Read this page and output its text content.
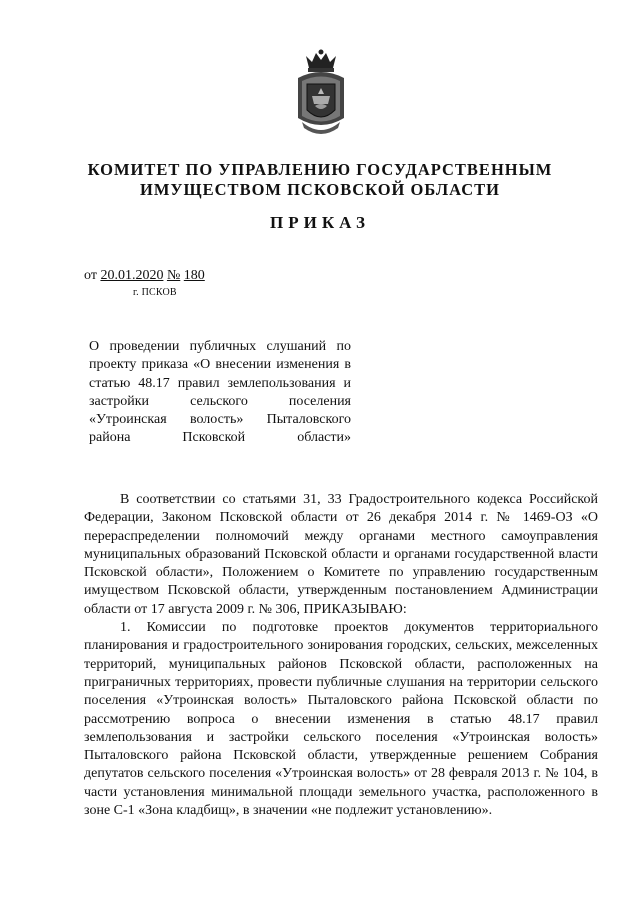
КОМИТЕТ ПО УПРАВЛЕНИЮ ГОСУДАРСТВЕННЫМ
ИМУЩЕСТВОМ ПСКОВСКОЙ ОБЛАСТИ
ПРИКАЗ
от 20.01.2020 № 180
г. ПСКОВ
О проведении публичных слушаний по проекту приказа «О внесении изменения в статью 48.17 правил землепользования и застройки сельского поселения «Утроинская волость» Пыталовского района Псковской области»

В соответствии со статьями 31, 33 Градостроительного кодекса Российской Федерации, Законом Псковской области от 26 декабря 2014 г. № 1469-ОЗ «О перераспределении полномочий между органами местного самоуправления муниципальных образований Псковской области и органами государственной власти Псковской области», Положением о Комитете по управлению государственным имуществом Псковской области, утвержденным постановлением Администрации области от 17 августа 2009 г. № 306, ПРИКАЗЫВАЮ:

1. Комиссии по подготовке проектов документов территориального планирования и градостроительного зонирования городских, сельских, межселенных территорий, муниципальных районов Псковской области, расположенных на приграничных территориях, провести публичные слушания на территории сельского поселения «Утроинская волость» Пыталовского района Псковской области по рассмотрению вопроса о внесении изменения в статью 48.17 правил землепользования и застройки сельского поселения «Утроинская волость» Пыталовского района Псковской области, утвержденные решением Собрания депутатов сельского поселения «Утроинская волость» от 28 февраля 2013 г. № 104, в части установления минимальной площади земельного участка, расположенного в зоне С-1 «Зона кладбищ», в значении «не подлежит установлению».
